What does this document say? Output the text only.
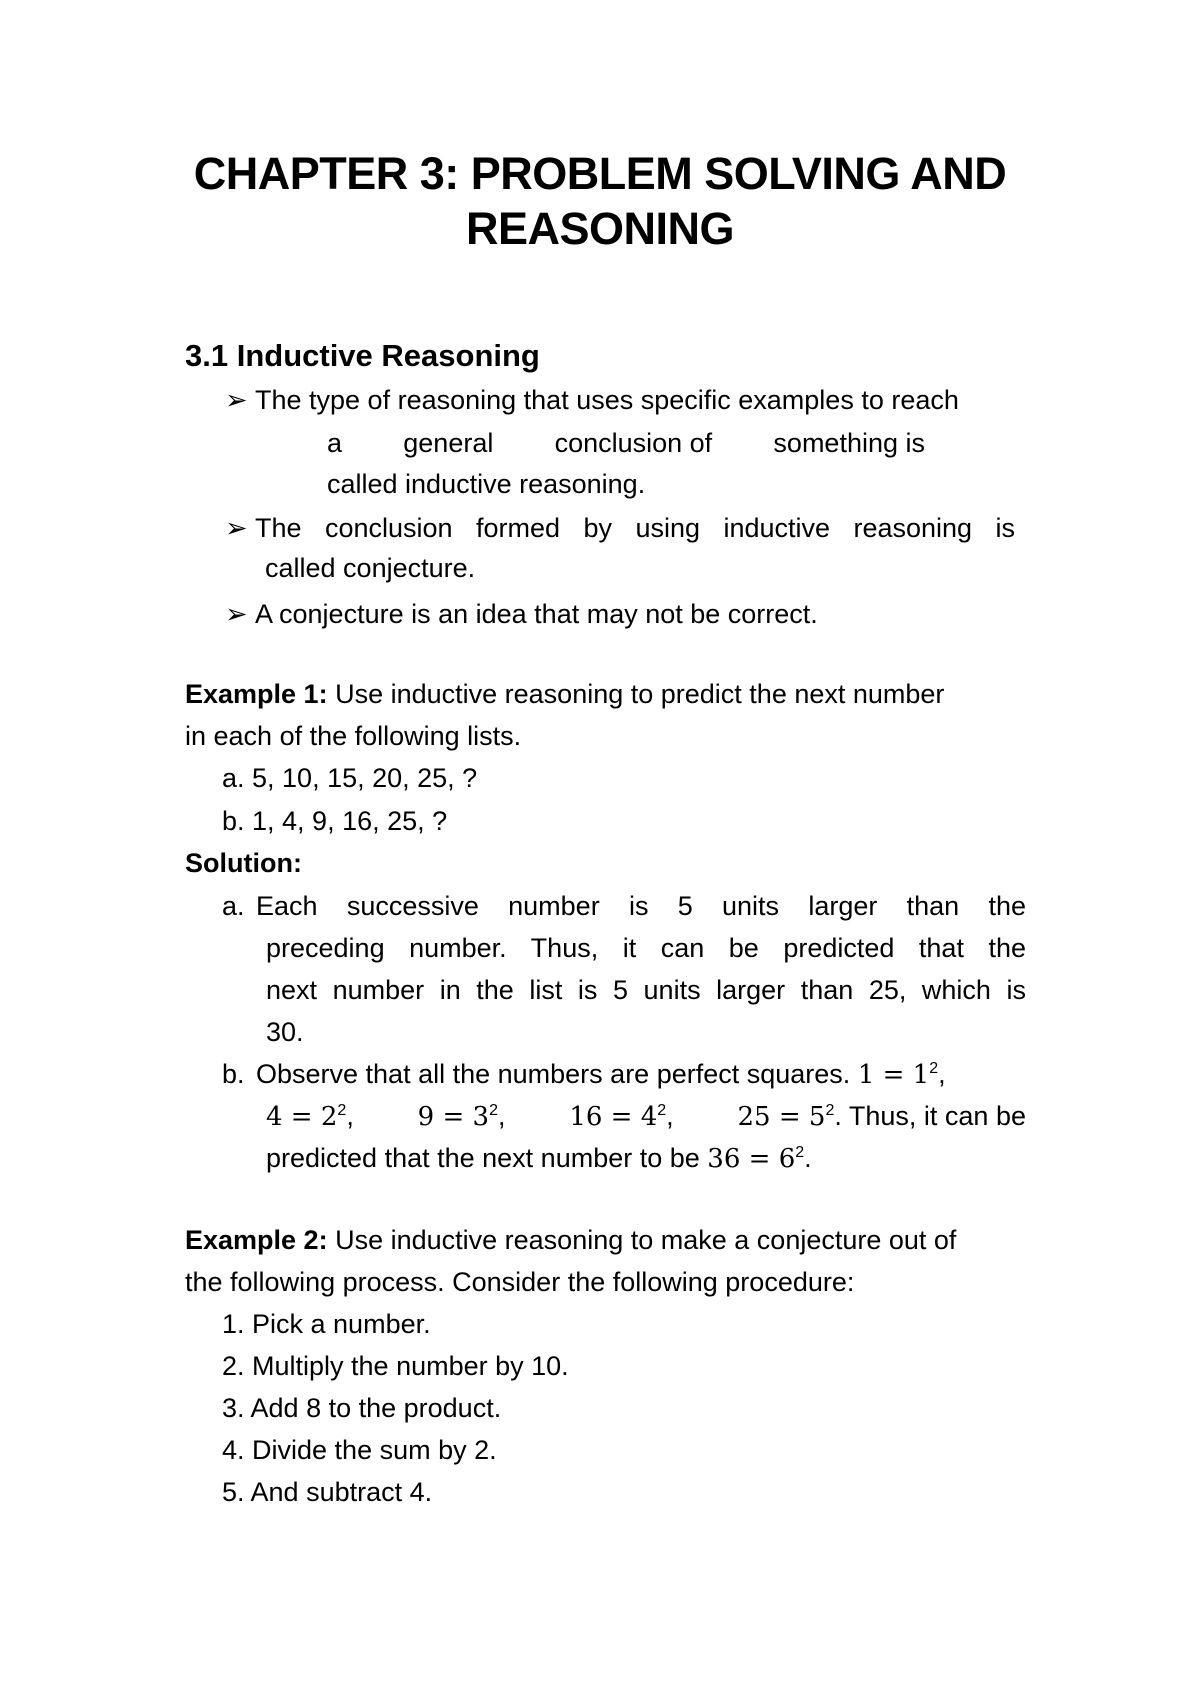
CHAPTER 3: PROBLEM SOLVING AND
REASONING
3.1 Inductive Reasoning
➢ The type of reasoning that uses specific examples to reach
a general conclusion of something is
called inductive reasoning.
➢ The conclusion formed by using inductive reasoning is
called conjecture.
➢ A conjecture is an idea that may not be correct.
Example 1: Use inductive reasoning to predict the next number
in each of the following lists.
a. 5, 10, 15, 20, 25, ?
b. 1, 4, 9, 16, 25, ?
Solution:
a. Each successive number is 5 units larger than the
preceding number. Thus, it can be predicted that the
next number in the list is 5 units larger than 25, which is
30.
b. Observe that all the numbers are perfect squares. $1 = 1^2$,
$4 = 2^2$, $9 = 3^2$, $16 = 4^2$, $25 = 5^2$. Thus, it can be
predicted that the next number to be $36 = 6^2$.
Example 2: Use inductive reasoning to make a conjecture out of
the following process. Consider the following procedure:
1. Pick a number.
2. Multiply the number by 10.
3. Add 8 to the product.
4. Divide the sum by 2.
5. And subtract 4.
